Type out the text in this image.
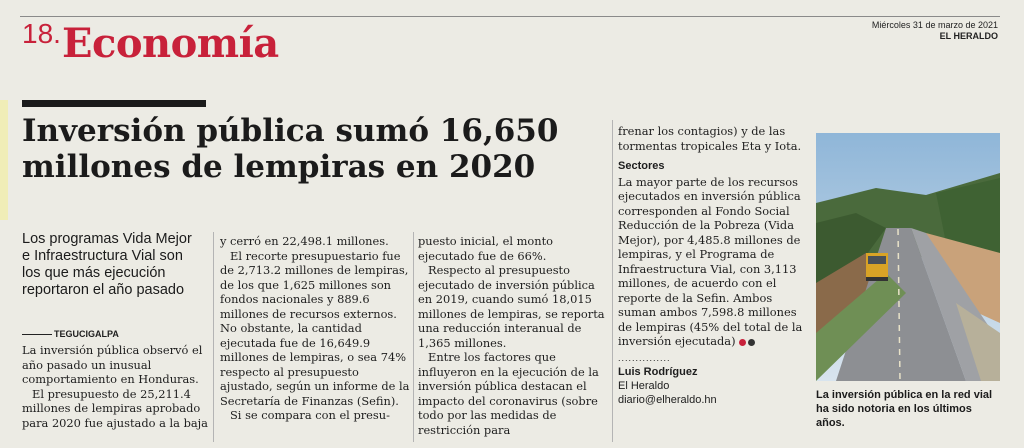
18. Economía	Miércoles 31 de marzo de 2021
EL HERALDO
Inversión pública sumó 16,650 millones de lempiras en 2020
Los programas Vida Mejor e Infraestructura Vial son los que más ejecución reportaron el año pasado
TEGUCIGALPA

La inversión pública observó el año pasado un inusual comportamiento en Honduras.

El presupuesto de 25,211.4 millones de lempiras aprobado para 2020 fue ajustado a la baja

y cerró en 22,498.1 millones.

El recorte presupuestario fue de 2,713.2 millones de lempiras, de los que 1,625 millones son fondos nacionales y 889.6 millones de recursos externos. No obstante, la cantidad ejecutada fue de 16,649.9 millones de lempiras, o sea 74% respecto al presupuesto ajustado, según un informe de la Secretaría de Finanzas (Sefin).

Si se compara con el presu-

puesto inicial, el monto ejecutado fue de 66%.

Respecto al presupuesto ejecutado de inversión pública en 2019, cuando sumó 18,015 millones de lempiras, se reporta una reducción interanual de 1,365 millones.

Entre los factores que influyeron en la ejecución de la inversión pública destacan el impacto del coronavirus (sobre todo por las medidas de restricción para

frenar los contagios) y de las tormentas tropicales Eta y Iota.

Sectores

La mayor parte de los recursos ejecutados en inversión pública corresponden al Fondo Social Reducción de la Pobreza (Vida Mejor), por 4,485.8 millones de lempiras, y el Programa de Infraestructura Vial, con 3,113 millones, de acuerdo con el reporte de la Sefin. Ambos suman ambos 7,598.8 millones de lempiras (45% del total de la inversión ejecutada)

...............
Luis Rodríguez
El Heraldo
diario@elheraldo.hn	La inversión pública en la red vial ha sido notoria en los últimos años.
